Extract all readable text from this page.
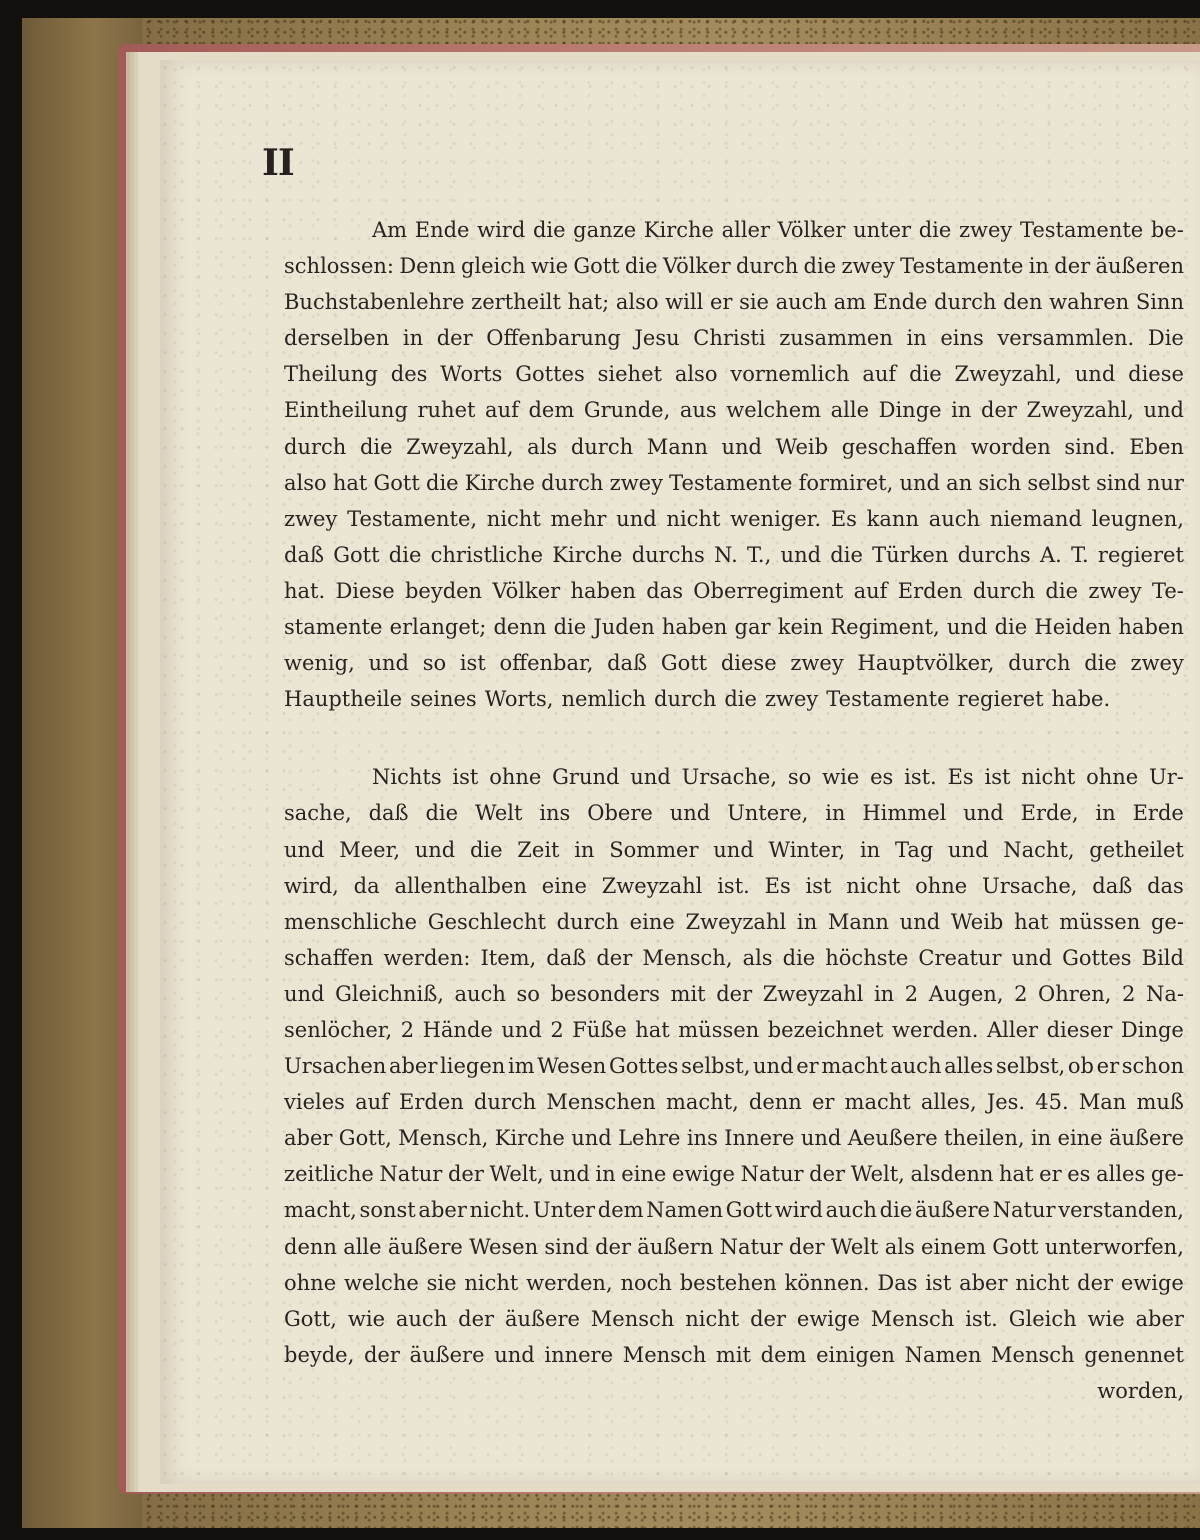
II
Am Ende wird die ganze Kirche aller Völker unter die zwey Testamente be-
schlossen: Denn gleich wie Gott die Völker durch die zwey Testamente in der äußeren
Buchstabenlehre zertheilt hat; also will er sie auch am Ende durch den wahren Sinn
derselben in der Offenbarung Jesu Christi zusammen in eins versammlen. Die
Theilung des Worts Gottes siehet also vornemlich auf die Zweyzahl, und diese
Eintheilung ruhet auf dem Grunde, aus welchem alle Dinge in der Zweyzahl, und
durch die Zweyzahl, als durch Mann und Weib geschaffen worden sind. Eben
also hat Gott die Kirche durch zwey Testamente formiret, und an sich selbst sind nur
zwey Testamente, nicht mehr und nicht weniger. Es kann auch niemand leugnen,
daß Gott die christliche Kirche durchs N. T., und die Türken durchs A. T. regieret
hat. Diese beyden Völker haben das Oberregiment auf Erden durch die zwey Te-
stamente erlanget; denn die Juden haben gar kein Regiment, und die Heiden haben
wenig, und so ist offenbar, daß Gott diese zwey Hauptvölker, durch die zwey
Hauptheile seines Worts, nemlich durch die zwey Testamente regieret habe.
Nichts ist ohne Grund und Ursache, so wie es ist. Es ist nicht ohne Ur-
sache, daß die Welt ins Obere und Untere, in Himmel und Erde, in Erde
und Meer, und die Zeit in Sommer und Winter, in Tag und Nacht, getheilet
wird, da allenthalben eine Zweyzahl ist. Es ist nicht ohne Ursache, daß das
menschliche Geschlecht durch eine Zweyzahl in Mann und Weib hat müssen ge-
schaffen werden: Item, daß der Mensch, als die höchste Creatur und Gottes Bild
und Gleichniß, auch so besonders mit der Zweyzahl in 2 Augen, 2 Ohren, 2 Na-
senlöcher, 2 Hände und 2 Füße hat müssen bezeichnet werden. Aller dieser Dinge
Ursachen aber liegen im Wesen Gottes selbst, und er macht auch alles selbst, ob er schon
vieles auf Erden durch Menschen macht, denn er macht alles, Jes. 45. Man muß
aber Gott, Mensch, Kirche und Lehre ins Innere und Aeußere theilen, in eine äußere
zeitliche Natur der Welt, und in eine ewige Natur der Welt, alsdenn hat er es alles ge-
macht, sonst aber nicht. Unter dem Namen Gott wird auch die äußere Natur verstanden,
denn alle äußere Wesen sind der äußern Natur der Welt als einem Gott unterworfen,
ohne welche sie nicht werden, noch bestehen können. Das ist aber nicht der ewige
Gott, wie auch der äußere Mensch nicht der ewige Mensch ist. Gleich wie aber
beyde, der äußere und innere Mensch mit dem einigen Namen Mensch genennet
worden,
